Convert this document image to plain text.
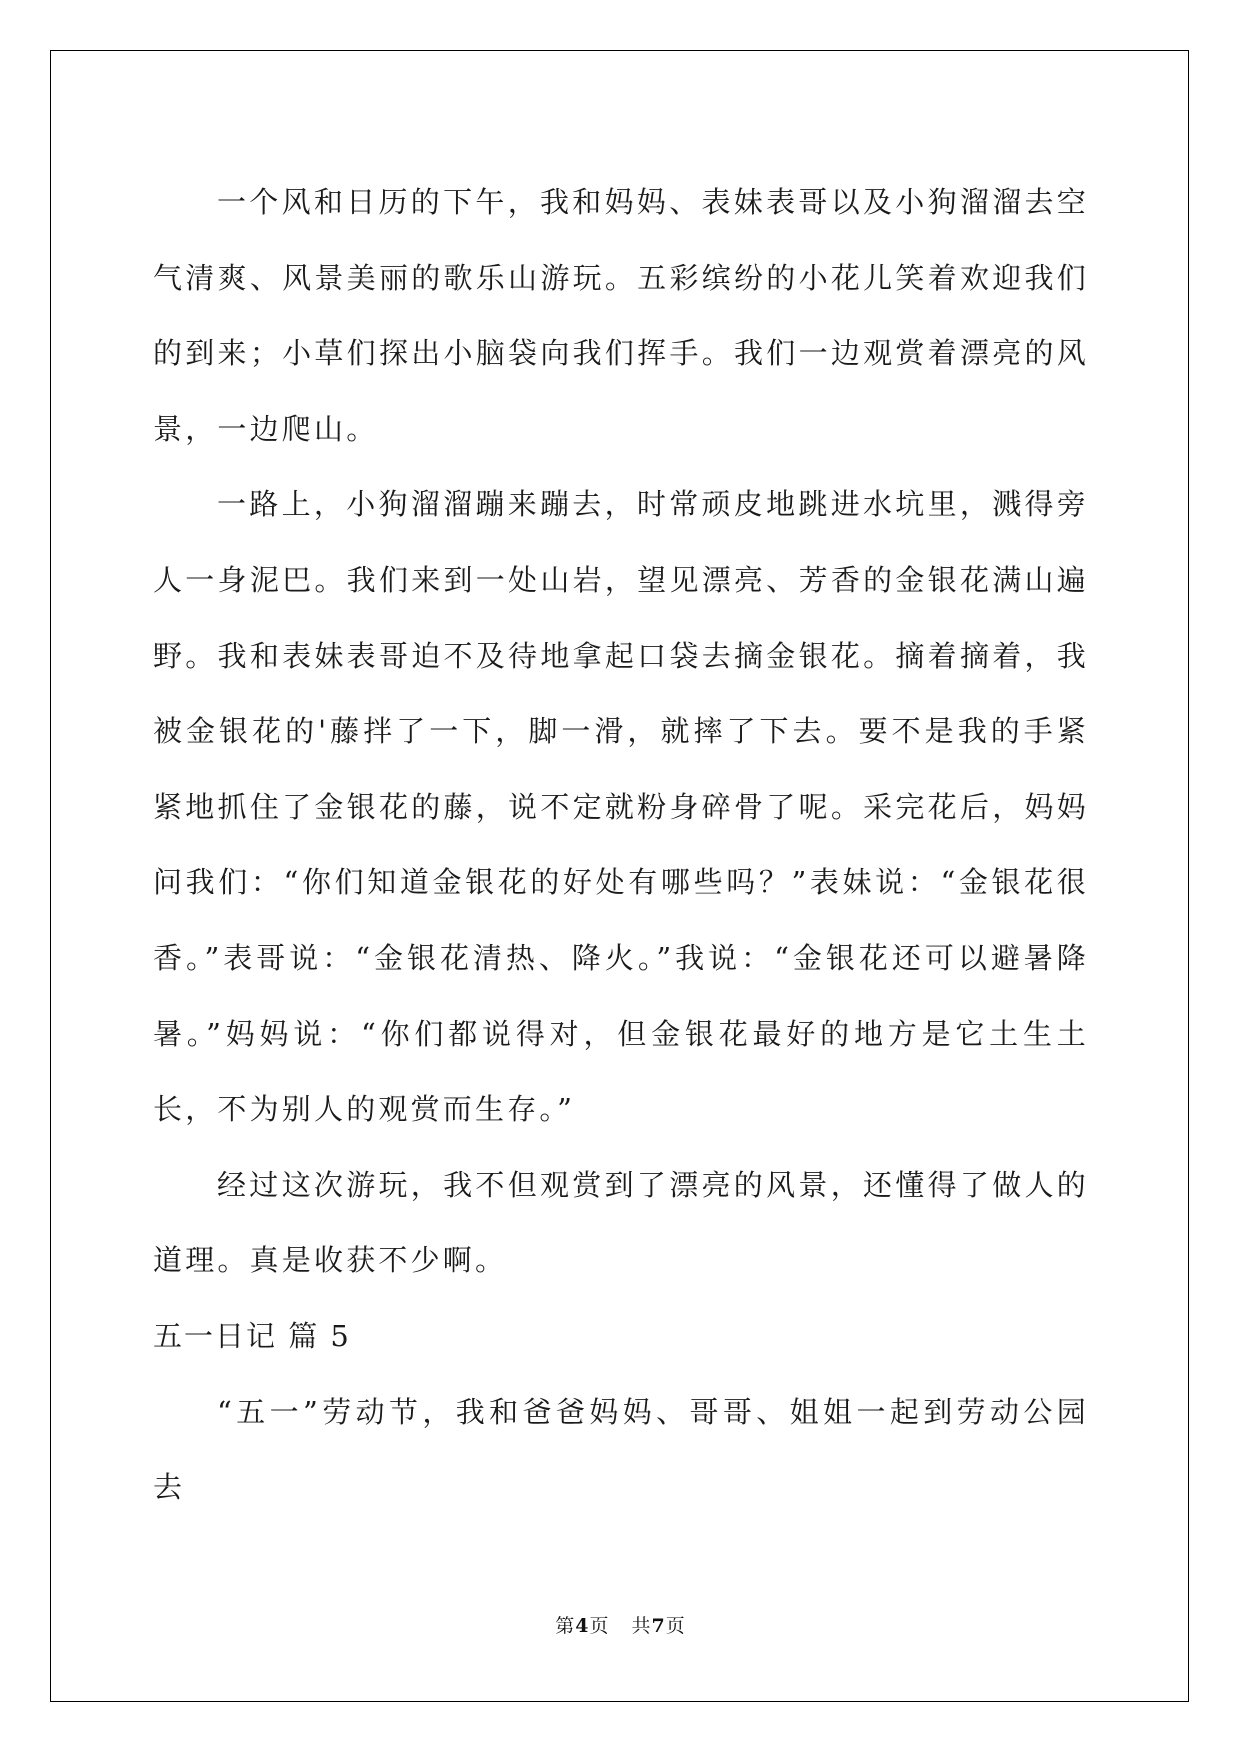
一个风和日历的下午，我和妈妈、表妹表哥以及小狗溜溜去空气清爽、风景美丽的歌乐山游玩。五彩缤纷的小花儿笑着欢迎我们的到来；小草们探出小脑袋向我们挥手。我们一边观赏着漂亮的风景，一边爬山。

一路上，小狗溜溜蹦来蹦去，时常顽皮地跳进水坑里，溅得旁人一身泥巴。我们来到一处山岩，望见漂亮、芳香的金银花满山遍野。我和表妹表哥迫不及待地拿起口袋去摘金银花。摘着摘着，我被金银花的'藤拌了一下，脚一滑，就摔了下去。要不是我的手紧紧地抓住了金银花的藤，说不定就粉身碎骨了呢。采完花后，妈妈问我们：“你们知道金银花的好处有哪些吗？”表妹说：“金银花很香。”表哥说：“金银花清热、降火。”我说：“金银花还可以避暑降暑。”妈妈说：“你们都说得对，但金银花最好的地方是它土生土长，不为别人的观赏而生存。”

经过这次游玩，我不但观赏到了漂亮的风景，还懂得了做人的道理。真是收获不少啊。

五一日记 篇 5

“五一”劳动节，我和爸爸妈妈、哥哥、姐姐一起到劳动公园去

第4页 共7页
